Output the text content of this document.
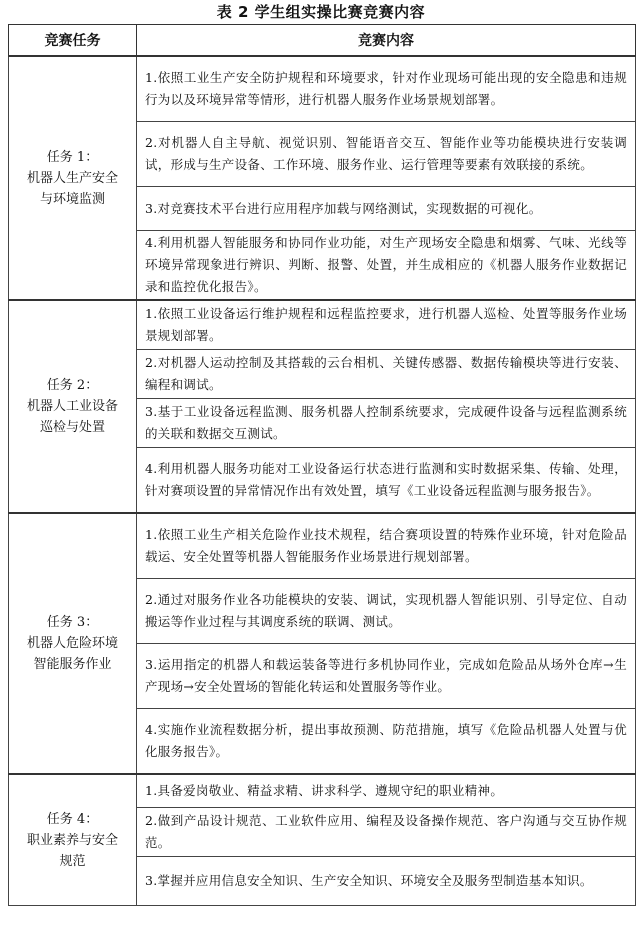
表 2 学生组实操比赛竞赛内容
竞赛任务	竞赛内容

任务 1：
机器人生产安全与环境监测	1.依照工业生产安全防护规程和环境要求，针对作业现场可能出现的安全隐患和违规行为以及环境异常等情形，进行机器人服务作业场景规划部署。
	2.对机器人自主导航、视觉识别、智能语音交互、智能作业等功能模块进行安装调试，形成与生产设备、工作环境、服务作业、运行管理等要素有效联接的系统。
	3.对竞赛技术平台进行应用程序加载与网络测试，实现数据的可视化。
	4.利用机器人智能服务和协同作业功能，对生产现场安全隐患和烟雾、气味、光线等环境异常现象进行辨识、判断、报警、处置，并生成相应的《机器人服务作业数据记录和监控优化报告》。

任务 2：
机器人工业设备巡检与处置	1.依照工业设备运行维护规程和远程监控要求，进行机器人巡检、处置等服务作业场景规划部署。
	2.对机器人运动控制及其搭载的云台相机、关键传感器、数据传输模块等进行安装、编程和调试。
	3.基于工业设备远程监测、服务机器人控制系统要求，完成硬件设备与远程监测系统的关联和数据交互测试。
	4.利用机器人服务功能对工业设备运行状态进行监测和实时数据采集、传输、处理，针对赛项设置的异常情况作出有效处置，填写《工业设备远程监测与服务报告》。

任务 3：
机器人危险环境智能服务作业	1.依照工业生产相关危险作业技术规程，结合赛项设置的特殊作业环境，针对危险品载运、安全处置等机器人智能服务作业场景进行规划部署。
	2.通过对服务作业各功能模块的安装、调试，实现机器人智能识别、引导定位、自动搬运等作业过程与其调度系统的联调、测试。
	3.运用指定的机器人和载运装备等进行多机协同作业，完成如危险品从场外仓库→生产现场→安全处置场的智能化转运和处置服务等作业。
	4.实施作业流程数据分析，提出事故预测、防范措施，填写《危险品机器人处置与优化服务报告》。

任务 4：
职业素养与安全规范	1.具备爱岗敬业、精益求精、讲求科学、遵规守纪的职业精神。
	2.做到产品设计规范、工业软件应用、编程及设备操作规范、客户沟通与交互协作规范。
	3.掌握并应用信息安全知识、生产安全知识、环境安全及服务型制造基本知识。
